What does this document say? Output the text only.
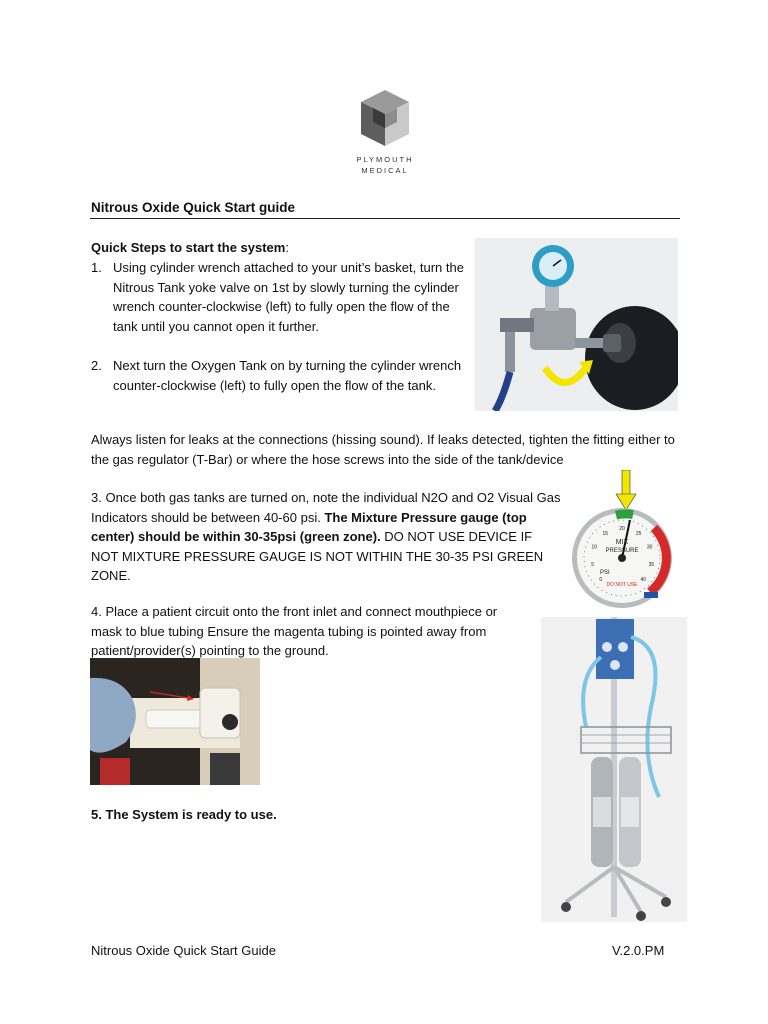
PLYMOUTH
MEDICAL
Nitrous Oxide Quick Start guide
Quick Steps to start the system:
1. Using cylinder wrench attached to your unit’s basket, turn the Nitrous Tank yoke valve on 1st by slowly turning the cylinder wrench counter-clockwise (left) to fully open the flow of the tank until you cannot open it further.
2. Next turn the Oxygen Tank on by turning the cylinder wrench counter-clockwise (left) to fully open the flow of the tank.
Always listen for leaks at the connections (hissing sound). If leaks detected, tighten the fitting either to the gas regulator (T-Bar) or where the hose screws into the side of the tank/device
3. Once both gas tanks are turned on, note the individual N2O and O2 Visual Gas Indicators should be between 40-60 psi. The Mixture Pressure gauge (top center) should be within 30-35psi (green zone). DO NOT USE DEVICE IF NOT MIXTURE PRESSURE GAUGE IS NOT WITHIN THE 30-35 PSI GREEN ZONE.
MIX
PRESSURE
PSI
DO NOT USE
0
5
10
15
20
25
30
35
40
4. Place a patient circuit onto the front inlet and connect mouthpiece or mask to blue tubing Ensure the magenta tubing is pointed away from patient/provider(s) pointing to the ground.
5. The System is ready to use.
Nitrous Oxide Quick Start Guide	V.2.0.PM
